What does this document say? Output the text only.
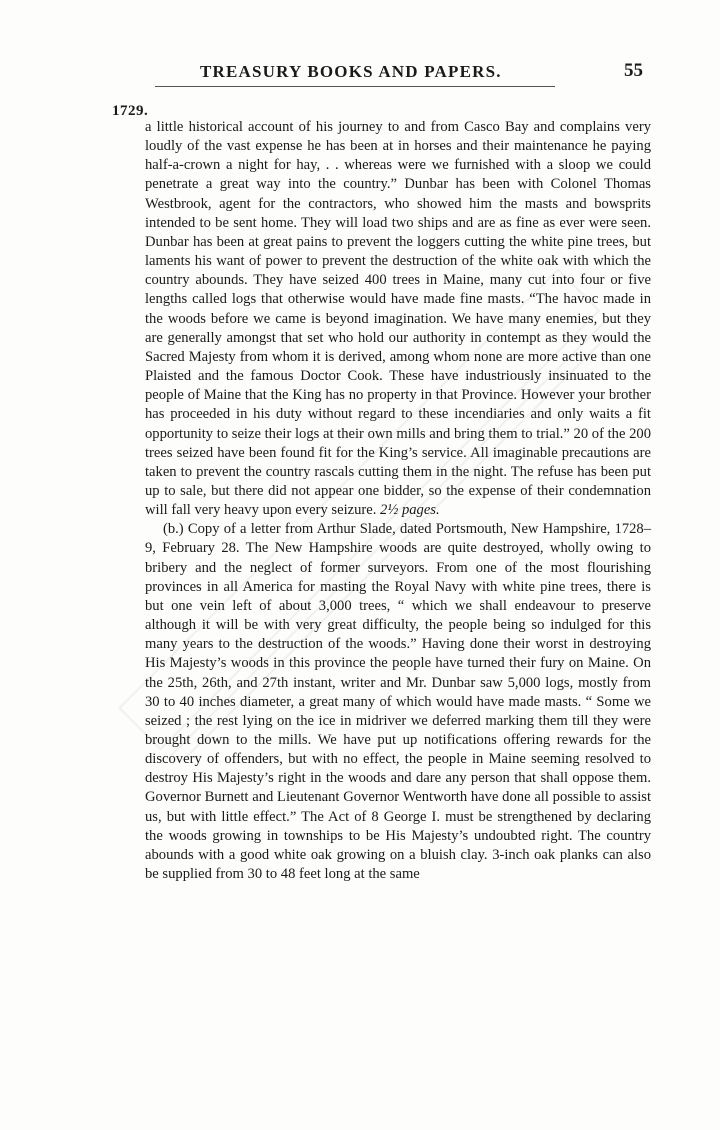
TREASURY BOOKS AND PAPERS.	55
1729.

a little historical account of his journey to and from Casco Bay and complains very loudly of the vast expense he has been at in horses and their maintenance he paying half-a-crown a night for hay, . . whereas were we furnished with a sloop we could penetrate a great way into the country.” Dunbar has been with Colonel Thomas Westbrook, agent for the contractors, who showed him the masts and bowsprits intended to be sent home. They will load two ships and are as fine as ever were seen. Dunbar has been at great pains to prevent the loggers cutting the white pine trees, but laments his want of power to prevent the destruction of the white oak with which the country abounds. They have seized 400 trees in Maine, many cut into four or five lengths called logs that otherwise would have made fine masts. “The havoc made in the woods before we came is beyond imagination. We have many enemies, but they are generally amongst that set who hold our authority in contempt as they would the Sacred Majesty from whom it is derived, among whom none are more active than one Plaisted and the famous Doctor Cook. These have industriously insinuated to the people of Maine that the King has no property in that Province. However your brother has proceeded in his duty without regard to these incendiaries and only waits a fit opportunity to seize their logs at their own mills and bring them to trial.” 20 of the 200 trees seized have been found fit for the King’s service. All imaginable precautions are taken to prevent the country rascals cutting them in the night. The refuse has been put up to sale, but there did not appear one bidder, so the expense of their condemnation will fall very heavy upon every seizure. 2½ pages.

(b.) Copy of a letter from Arthur Slade, dated Portsmouth, New Hampshire, 1728–9, February 28. The New Hampshire woods are quite destroyed, wholly owing to bribery and the neglect of former surveyors. From one of the most flourishing provinces in all America for masting the Royal Navy with white pine trees, there is but one vein left of about 3,000 trees, “ which we shall endeavour to preserve although it will be with very great difficulty, the people being so indulged for this many years to the destruction of the woods.” Having done their worst in destroying His Majesty’s woods in this province the people have turned their fury on Maine. On the 25th, 26th, and 27th instant, writer and Mr. Dunbar saw 5,000 logs, mostly from 30 to 40 inches diameter, a great many of which would have made masts. “ Some we seized ; the rest lying on the ice in midriver we deferred marking them till they were brought down to the mills. We have put up notifications offering rewards for the discovery of offenders, but with no effect, the people in Maine seeming resolved to destroy His Majesty’s right in the woods and dare any person that shall oppose them. Governor Burnett and Lieutenant Governor Wentworth have done all possible to assist us, but with little effect.” The Act of 8 George I. must be strengthened by declaring the woods growing in townships to be His Majesty’s undoubted right. The country abounds with a good white oak growing on a bluish clay. 3-inch oak planks can also be supplied from 30 to 48 feet long at the same
